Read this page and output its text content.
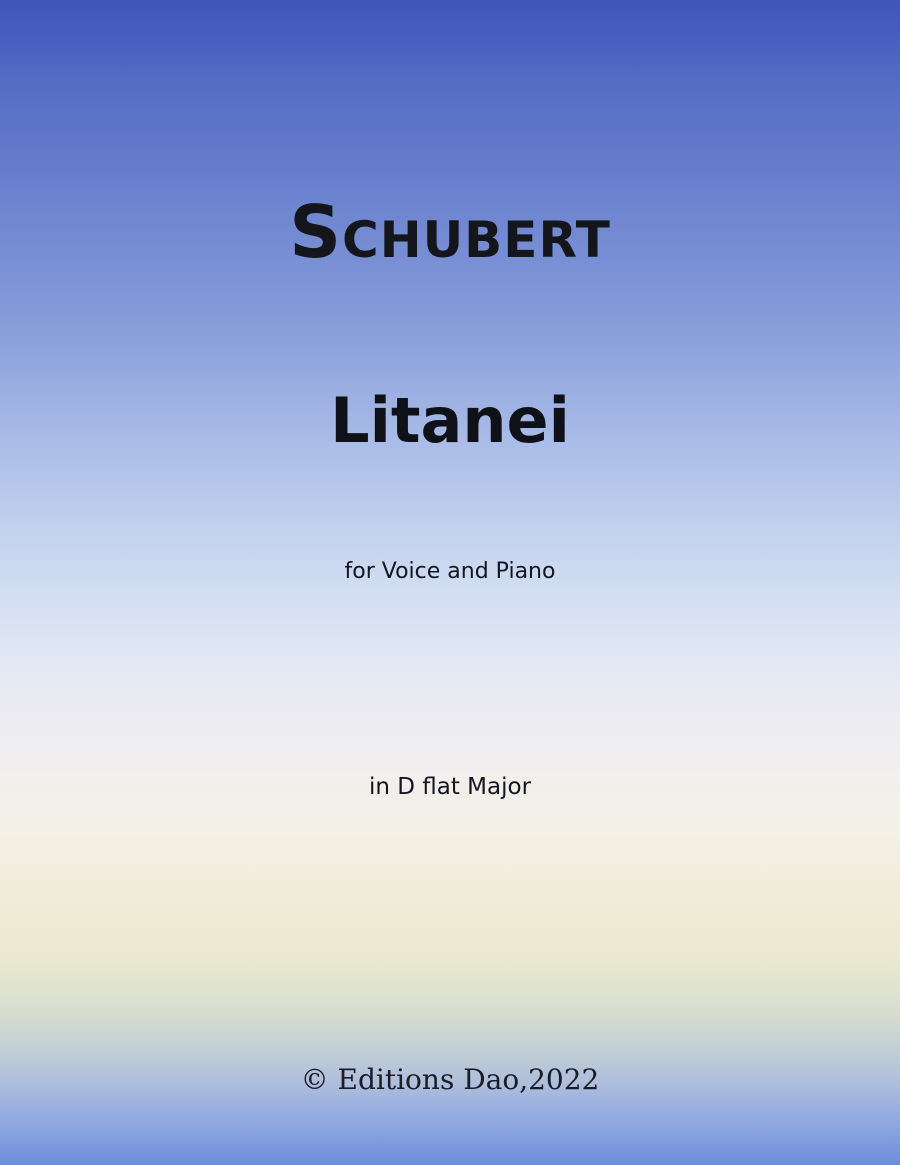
Schubert
Litanei
for Voice and Piano
in D flat Major
© Editions Dao,2022
